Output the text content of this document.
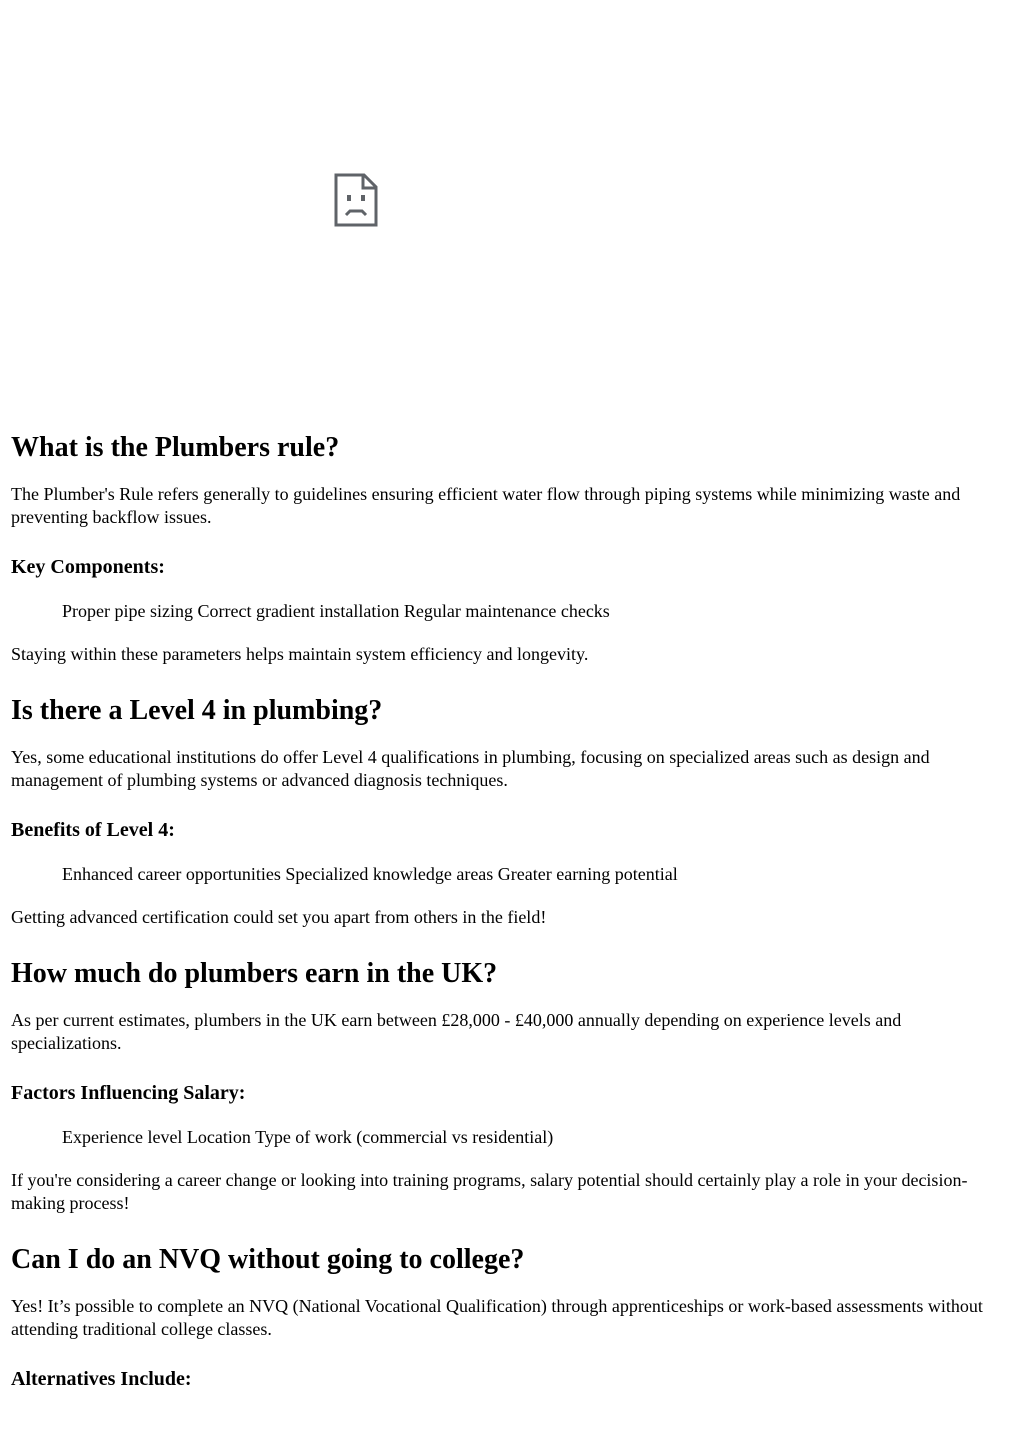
What is the Plumbers rule?

The Plumber's Rule refers generally to guidelines ensuring efficient water flow through piping systems while minimizing waste and preventing backflow issues.

Key Components:

Proper pipe sizing Correct gradient installation Regular maintenance checks

Staying within these parameters helps maintain system efficiency and longevity.

Is there a Level 4 in plumbing?

Yes, some educational institutions do offer Level 4 qualifications in plumbing, focusing on specialized areas such as design and management of plumbing systems or advanced diagnosis techniques.

Benefits of Level 4:

Enhanced career opportunities Specialized knowledge areas Greater earning potential

Getting advanced certification could set you apart from others in the field!

How much do plumbers earn in the UK?

As per current estimates, plumbers in the UK earn between £28,000 - £40,000 annually depending on experience levels and specializations.

Factors Influencing Salary:

Experience level Location Type of work (commercial vs residential)

If you're considering a career change or looking into training programs, salary potential should certainly play a role in your decision-making process!

Can I do an NVQ without going to college?

Yes! It’s possible to complete an NVQ (National Vocational Qualification) through apprenticeships or work-based assessments without attending traditional college classes.

Alternatives Include:
